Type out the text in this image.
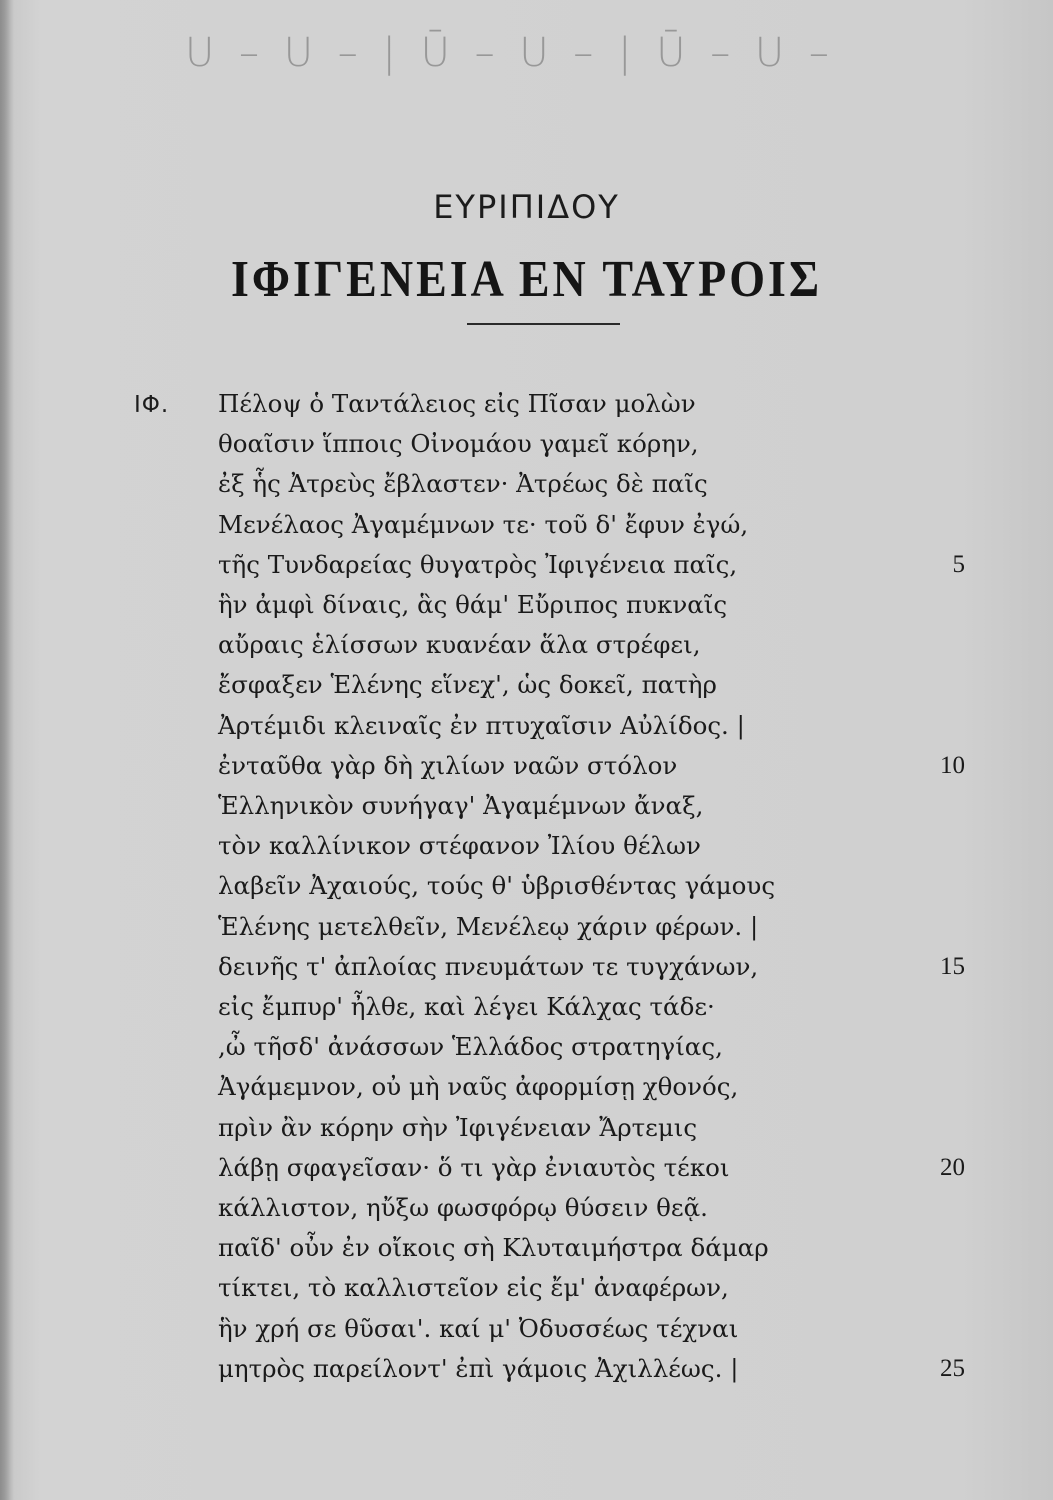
U – U – | Ū – U – | Ū – U –
ΕΥΡΙΠΙΔΟΥ
ΙΦΙΓΕΝΕΙΑ ΕΝ ΤΑΥΡΟΙΣ
ΙΦ. Πέλοψ ὁ Ταντάλειος εἰς Πῖσαν μολὼν
θοαῖσιν ἵπποις Οἰνομάου γαμεῖ κόρην,
ἐξ ἧς Ἀτρεὺς ἔβλαστεν· Ἀτρέως δὲ παῖς
Μενέλαος Ἀγαμέμνων τε· τοῦ δ' ἔφυν ἐγώ,
τῆς Τυνδαρείας θυγατρὸς Ἰφιγένεια παῖς,	5
ἣν ἀμφὶ δίναις, ἃς θάμ' Εὔριπος πυκναῖς
αὔραις ἑλίσσων κυανέαν ἅλα στρέφει,
ἔσφαξεν Ἑλένης εἵνεχ', ὡς δοκεῖ, πατὴρ
Ἀρτέμιδι κλειναῖς ἐν πτυχαῖσιν Αὐλίδος. |
ἐνταῦθα γὰρ δὴ χιλίων ναῶν στόλον	10
Ἑλληνικὸν συνήγαγ' Ἀγαμέμνων ἄναξ,
τὸν καλλίνικον στέφανον Ἰλίου θέλων
λαβεῖν Ἀχαιούς, τούς θ' ὑβρισθέντας γάμους
Ἑλένης μετελθεῖν, Μενέλεῳ χάριν φέρων. |
δεινῆς τ' ἀπλοίας πνευμάτων τε τυγχάνων,	15
εἰς ἔμπυρ' ἦλθε, καὶ λέγει Κάλχας τάδε·
,ὦ τῆσδ' ἀνάσσων Ἑλλάδος στρατηγίας,
Ἀγάμεμνον, οὐ μὴ ναῦς ἀφορμίσῃ χθονός,
πρὶν ἂν κόρην σὴν Ἰφιγένειαν Ἄρτεμις
λάβῃ σφαγεῖσαν· ὅ τι γὰρ ἐνιαυτὸς τέκοι	20
κάλλιστον, ηὔξω φωσφόρῳ θύσειν θεᾷ.
παῖδ' οὖν ἐν οἴκοις σὴ Κλυταιμήστρα δάμαρ
τίκτει, τὸ καλλιστεῖον εἰς ἔμ' ἀναφέρων,
ἣν χρή σε θῦσαι'. καί μ' Ὀδυσσέως τέχναι
μητρὸς παρείλοντ' ἐπὶ γάμοις Ἀχιλλέως. |	25
